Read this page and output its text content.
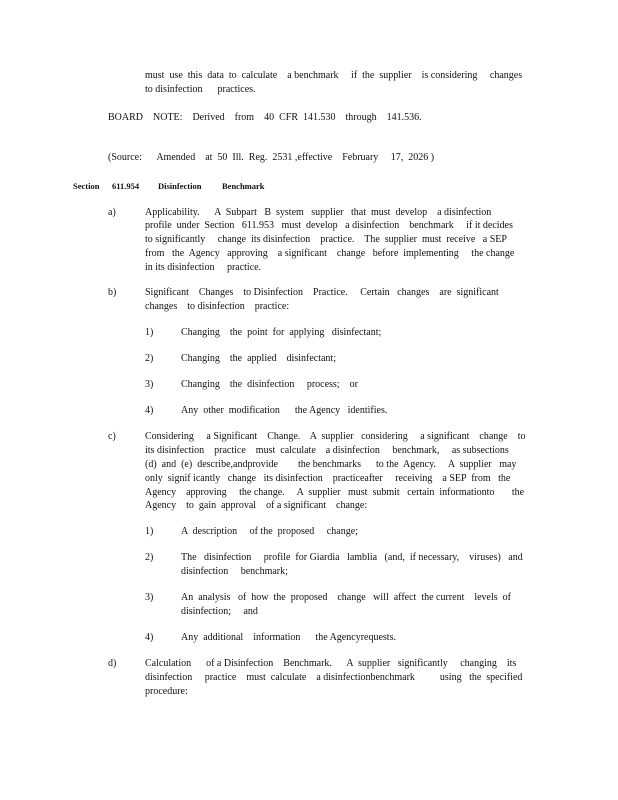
must  use  this  data  to  calculate    a benchmark     if  the  supplier    is considering     changes
to disinfection      practices.
BOARD    NOTE:    Derived    from    40  CFR  141.530    through    141.536.
(Source:      Amended    at  50  Ill.  Reg.  2531 ,effective    February     17,  2026 )
Section 611.954 Disinfection Benchmark
a)	Applicability.      A  Subpart   B  system   supplier   that  must  develop    a disinfection
profile  under  Section   611.953   must  develop   a disinfection    benchmark     if it decides
to significantly     change  its disinfection    practice.    The  supplier  must  receive   a SEP
from   the  Agency   approving    a significant    change   before  implementing     the change
in its disinfection     practice.
b)	Significant    Changes    to Disinfection    Practice.     Certain   changes    are  significant
changes    to disinfection    practice:
1)	Changing    the  point  for  applying   disinfectant;
2)	Changing    the  applied    disinfectant;
3)	Changing    the  disinfection     process;    or
4)	Any  other  modification      the Agency   identifies.
c)	Considering     a Significant    Change.    A  supplier   considering     a significant    change    to
its disinfection    practice    must  calculate    a disinfection     benchmark,     as subsections
(d)  and  (e)  describe,andprovide        the benchmarks      to the  Agency.     A  supplier   may
only  signif icantly   change   its disinfection    practiceafter     receiving    a SEP  from   the
Agency    approving     the change.     A  supplier   must  submit   certain  informationto       the
Agency    to  gain  approval    of a significant    change:
1)	A  description     of the  proposed     change;
2)	The   disinfection     profile  for Giardia   lamblia   (and,  if necessary,    viruses)   and
disinfection     benchmark;
3)	An  analysis   of  how  the  proposed    change   will  affect  the current    levels  of
disinfection;     and
4)	Any  additional    information      the Agencyrequests.
d)	Calculation      of a Disinfection    Benchmark.      A  supplier   significantly     changing    its
disinfection     practice    must  calculate    a disinfectionbenchmark          using   the  specified
procedure:
